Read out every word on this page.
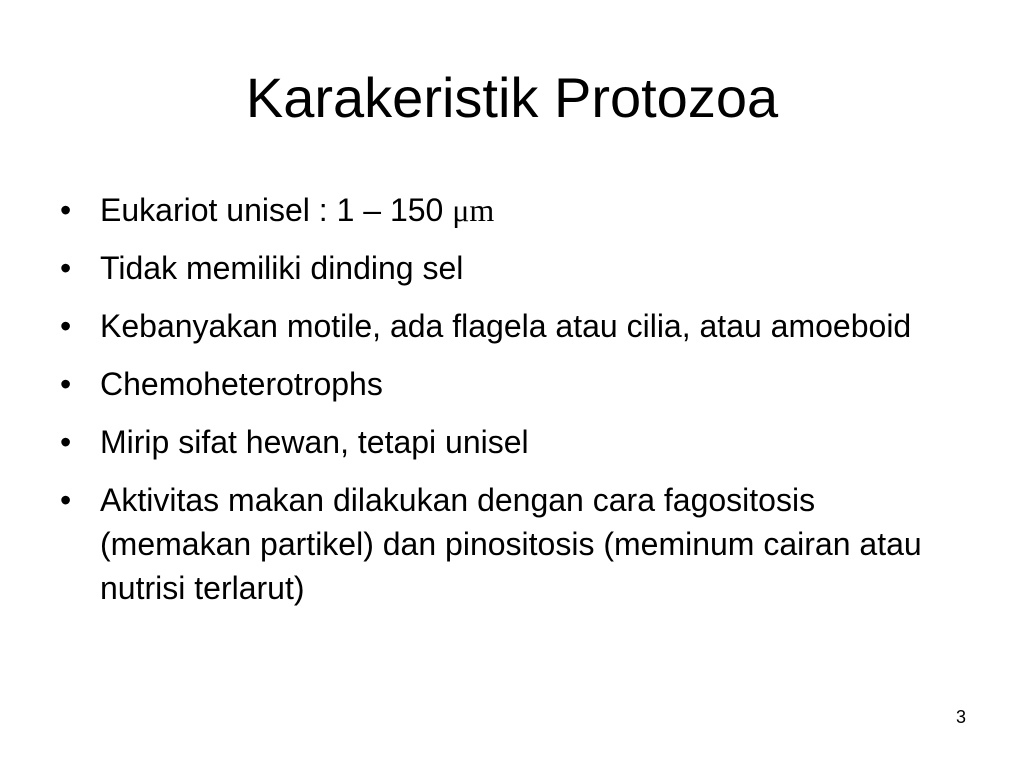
Karakeristik Protozoa
• Eukariot unisel : 1 – 150 μm
• Tidak memiliki dinding sel
• Kebanyakan motile, ada flagela atau cilia, atau amoeboid
• Chemoheterotrophs
• Mirip sifat hewan, tetapi unisel
• Aktivitas makan dilakukan dengan cara fagositosis (memakan partikel) dan pinositosis (meminum cairan atau nutrisi terlarut)
3
